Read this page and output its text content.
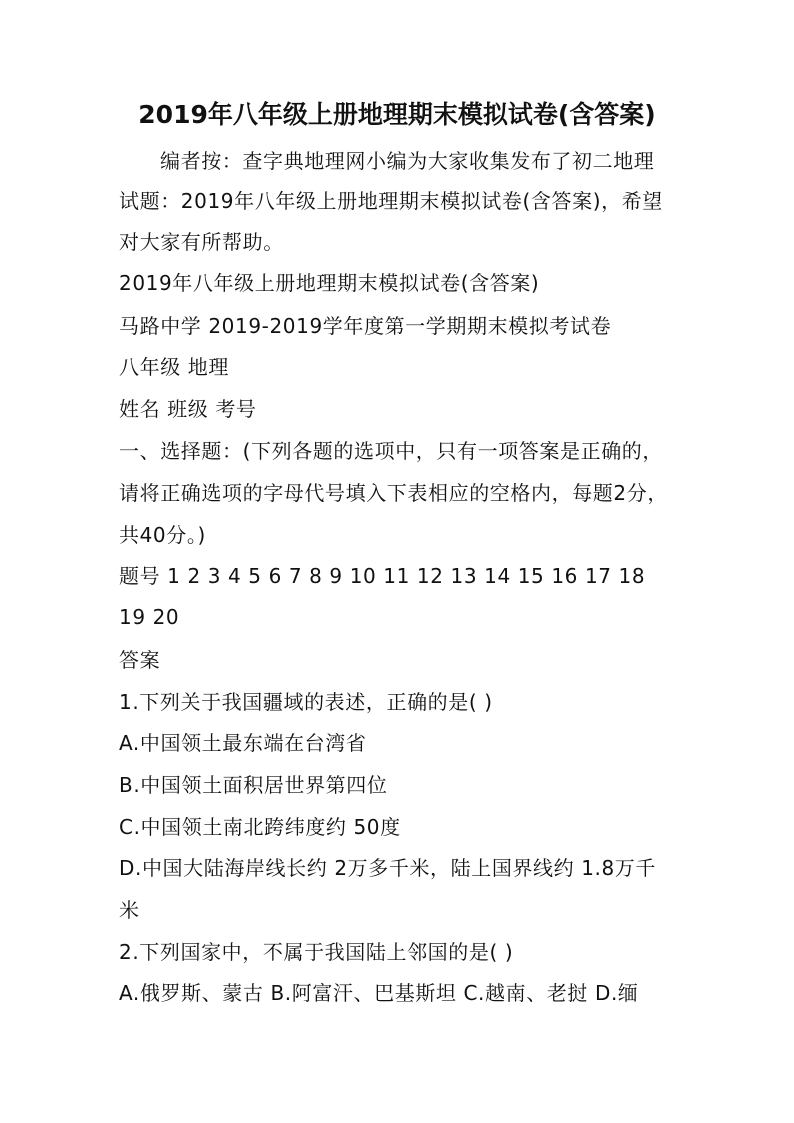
2019年八年级上册地理期末模拟试卷(含答案)
编者按：查字典地理网小编为大家收集发布了初二地理
试题：2019年八年级上册地理期末模拟试卷(含答案)，希望
对大家有所帮助。
2019年八年级上册地理期末模拟试卷(含答案)
马路中学 2019-2019学年度第一学期期末模拟考试卷
八年级 地理
姓名 班级 考号
一、选择题：(下列各题的选项中，只有一项答案是正确的，
请将正确选项的字母代号填入下表相应的空格内，每题2分，
共40分。)
题号 1 2 3 4 5 6 7 8 9 10 11 12 13 14 15 16 17 18
19 20
答案
1.下列关于我国疆域的表述，正确的是( )
A.中国领土最东端在台湾省
B.中国领土面积居世界第四位
C.中国领土南北跨纬度约 50度
D.中国大陆海岸线长约 2万多千米，陆上国界线约 1.8万千
米
2.下列国家中，不属于我国陆上邻国的是( )
A.俄罗斯、蒙古 B.阿富汗、巴基斯坦 C.越南、老挝 D.缅
